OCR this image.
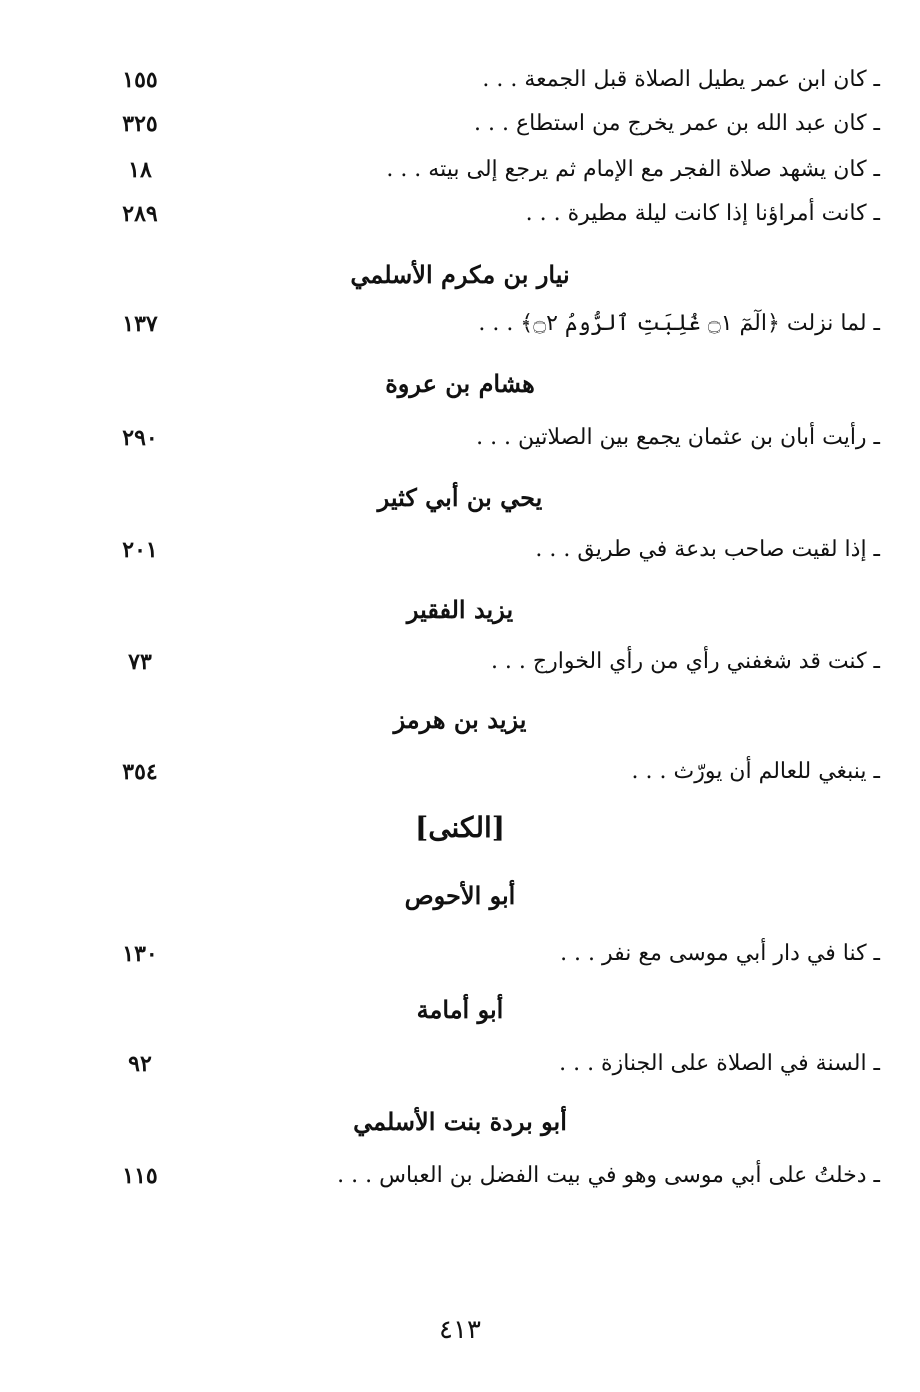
ـ كان ابن عمر يطيل الصلاة قبل الجمعة . . .
١٥٥
ـ كان عبد الله بن عمر يخرج من استطاع . . .
٣٢٥
ـ كان يشهد صلاة الفجر مع الإمام ثم يرجع إلى بيته . . .
١٨
ـ كانت أمراؤنا إذا كانت ليلة مطيرة . . .
٢٨٩
نيار بن مكرم الأسلمي
ـ لما نزلت ﴿الٓمٓ ۝١ غُلِبَتِ ٱلرُّومُ ۝٢﴾ . . .
١٣٧
هشام بن عروة
ـ رأيت أبان بن عثمان يجمع بين الصلاتين . . .
٢٩٠
يحي بن أبي كثير
ـ إذا لقيت صاحب بدعة في طريق . . .
٢٠١
يزيد الفقير
ـ كنت قد شغفني رأي من رأي الخوارج . . .
٧٣
يزيد بن هرمز
ـ ينبغي للعالم أن يورّث . . .
٣٥٤
[الكنى]
أبو الأحوص
ـ كنا في دار أبي موسى مع نفر . . .
١٣٠
أبو أمامة
ـ السنة في الصلاة على الجنازة . . .
٩٢
أبو بردة بنت الأسلمي
ـ دخلتُ على أبي موسى وهو في بيت الفضل بن العباس . . .
١١٥
٤١٣
